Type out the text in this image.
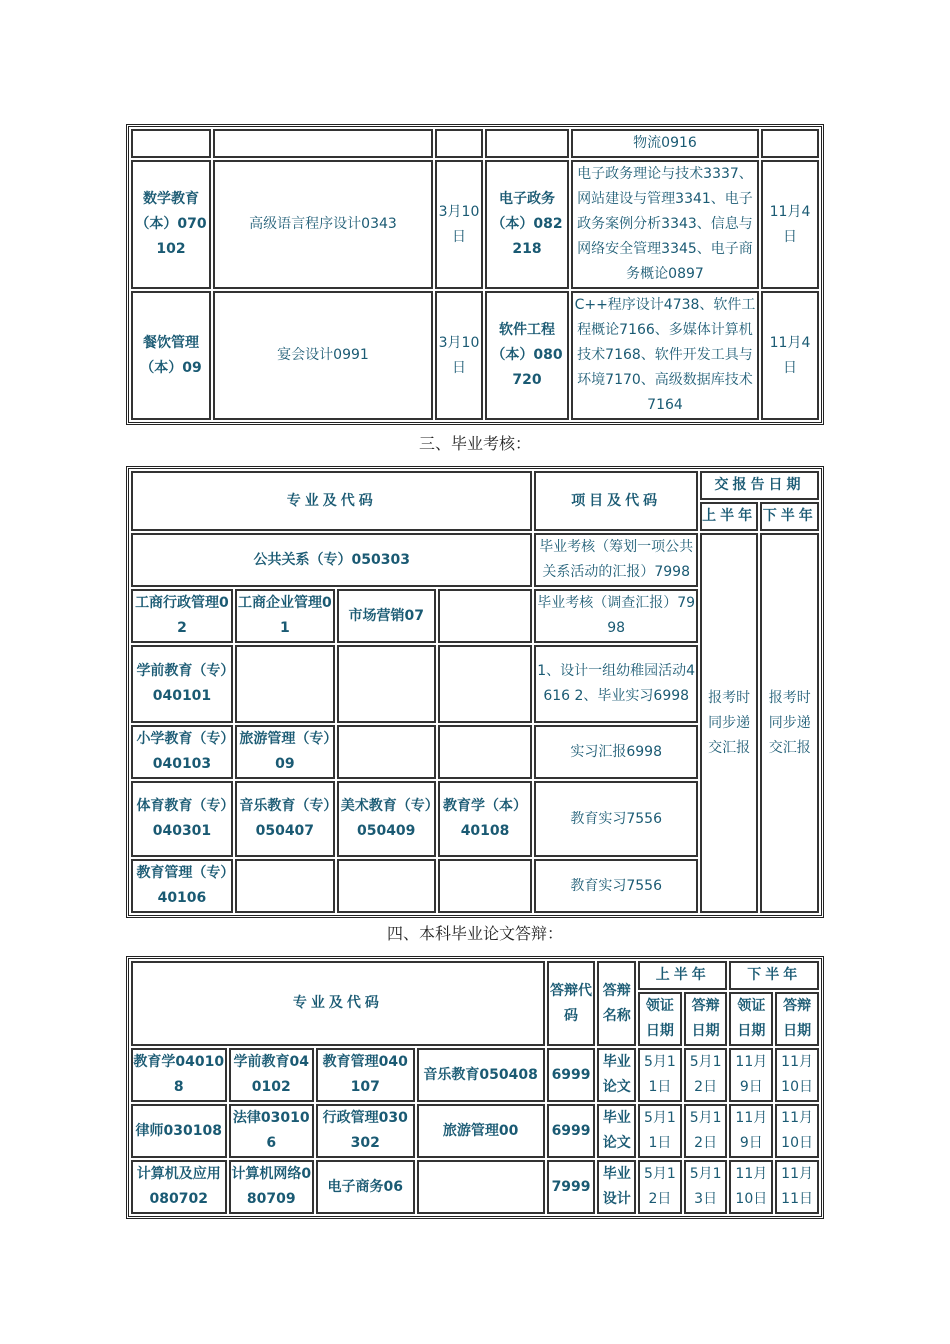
				物流0916	
数学教育（本）070102	高级语言程序设计0343	3月10日	电子政务（本）082218	电子政务理论与技术3337、网站建设与管理3341、电子政务案例分析3343、信息与网络安全管理3345、电子商务概论0897	11月4日
餐饮管理（本）09	宴会设计0991	3月10日	软件工程（本）080720	C++程序设计4738、软件工程概论7166、多媒体计算机技术7168、软件开发工具与环境7170、高级数据库技术7164	11月4日
三、毕业考核：
专业及代码				项目及代码	交报告日期	
					上半年	下半年
公共关系（专）050303				毕业考核（筹划一项公共关系活动的汇报）7998	报考时同步递交汇报	报考时同步递交汇报
工商行政管理02	工商企业管理01	市场营销07		毕业考核（调查汇报）7998		
学前教育（专）040101				1、设计一组幼稚园活动4616 2、毕业实习6998		
小学教育（专）040103	旅游管理（专）09			实习汇报6998		
体育教育（专）040301	音乐教育（专）050407	美术教育（专）050409	教育学（本）40108	教育实习7556		
教育管理（专）40106				教育实习7556		
四、本科毕业论文答辩：
专业及代码				答辩代码	答辩名称	上半年		下半年	
						领证日期	答辩日期	领证日期	答辩日期
教育学040108	学前教育040102	教育管理040107	音乐教育050408	6999	毕业论文	5月11日	5月12日	11月9日	11月10日
律师030108	法律030106	行政管理030302	旅游管理00	6999	毕业论文	5月11日	5月12日	11月9日	11月10日
计算机及应用080702	计算机网络080709	电子商务06		7999	毕业设计	5月12日	5月13日	11月10日	11月11日
